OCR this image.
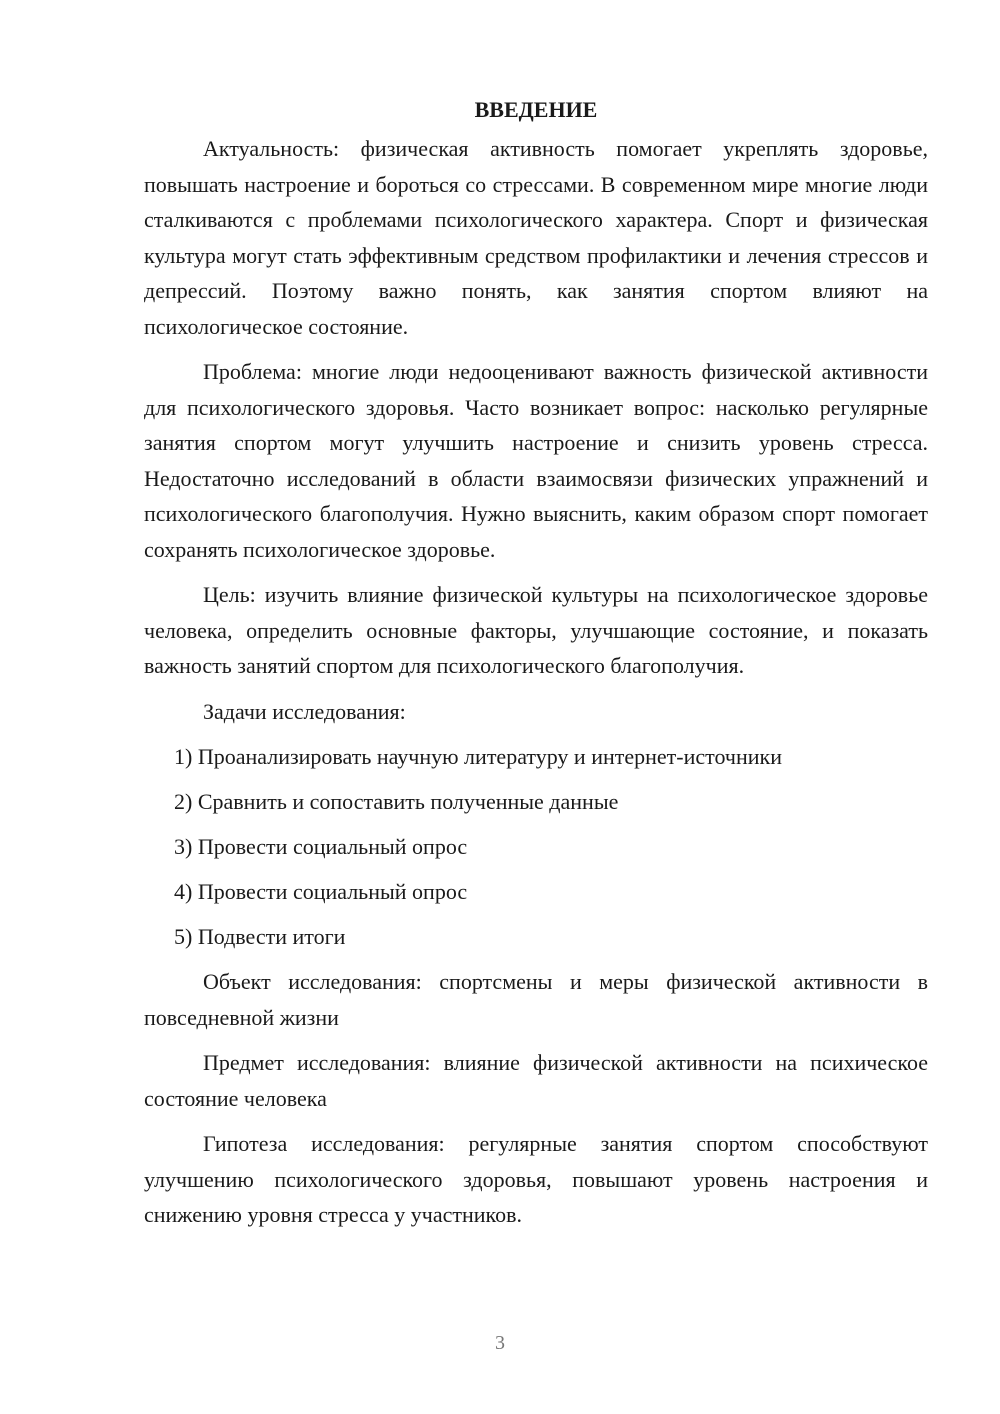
ВВЕДЕНИЕ

Актуальность: физическая активность помогает укреплять здоровье, повышать настроение и бороться со стрессами. В современном мире многие люди сталкиваются с проблемами психологического характера. Спорт и физическая культура могут стать эффективным средством профилактики и лечения стрессов и депрессий. Поэтому важно понять, как занятия спортом влияют на психологическое состояние.

Проблема: многие люди недооценивают важность физической активности для психологического здоровья. Часто возникает вопрос: насколько регулярные занятия спортом могут улучшить настроение и снизить уровень стресса. Недостаточно исследований в области взаимосвязи физических упражнений и психологического благополучия. Нужно выяснить, каким образом спорт помогает сохранять психологическое здоровье.

Цель: изучить влияние физической культуры на психологическое здоровье человека, определить основные факторы, улучшающие состояние, и показать важность занятий спортом для психологического благополучия.

Задачи исследования:

1) Проанализировать научную литературу и интернет-источники
2) Сравнить и сопоставить полученные данные
3) Провести социальный опрос
4) Провести социальный опрос
5) Подвести итоги

Объект исследования: спортсмены и меры физической активности в повседневной жизни

Предмет исследования: влияние физической активности на психическое состояние человека

Гипотеза исследования: регулярные занятия спортом способствуют улучшению психологического здоровья, повышают уровень настроения и снижению уровня стресса у участников.

3
